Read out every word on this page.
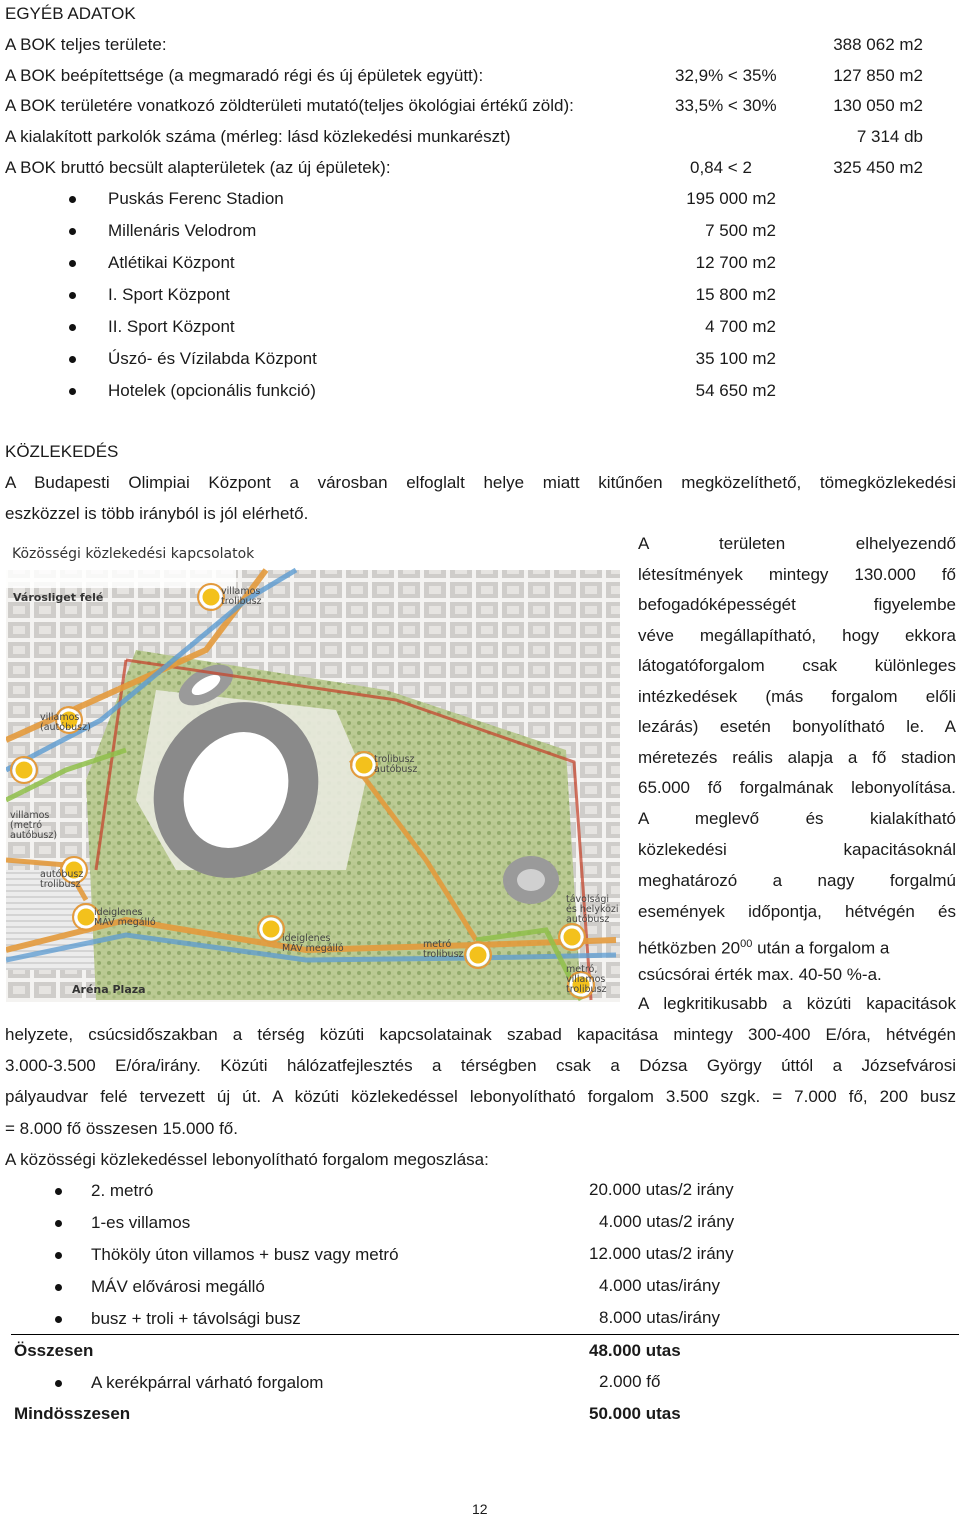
EGYÉB ADATOK
A BOK teljes területe:	388 062 m2
A BOK beépítettsége (a megmaradó régi és új épületek együtt):	32,9% < 35%	127 850 m2
A BOK területére vonatkozó zöldterületi mutató(teljes ökológiai értékű zöld):	33,5% < 30%	130 050 m2
A kialakított parkolók száma (mérleg: lásd közlekedési munkarészt)	7 314 db
A BOK bruttó becsült alapterületek (az új épületek):	0,84 < 2	325 450 m2
Puskás Ferenc Stadion	195 000 m2
Millenáris Velodrom	7 500 m2
Atlétikai Központ	12 700 m2
I. Sport Központ	15 800 m2
II. Sport Központ	4 700 m2
Úszó- és Vízilabda Központ	35 100 m2
Hotelek (opcionális funkció)	54 650 m2
KÖZLEKEDÉS
A Budapesti Olimpiai Központ a városban elfoglalt helye miatt kitűnően megközelíthető, tömegközlekedési
eszközzel is több irányból is jól elérhető.
Közösségi közlekedési kapcsolatok
Városliget felé	villamos
trolibusz
villamos
(autóbusz)
trolibusz
autóbusz
villamos
(metró
autóbusz)
autóbusz
trolibusz
ideiglenes
MÁV megálló
ideiglenes
MÁV megálló	metró
trolibusz
távolsági
és helyközi
autóbusz
metró,
villamos
trolibusz
Aréna Plaza
A területen elhelyezendő
létesítmények mintegy 130.000 fő
befogadóképességét figyelembe
véve megállapítható, hogy ekkora
látogatóforgalom csak különleges
intézkedések (más forgalom előli
lezárás) esetén bonyolítható le. A
méretezés reális alapja a fő stadion
65.000 fő forgalmának lebonyolítása.
A meglevő és kialakítható
közlekedési kapacitásoknál
meghatározó a nagy forgalmú
események időpontja, hétvégén és
hétközben $20^{00}$ után a forgalom a
csúcsórai érték max. 40-50 %-a.
A legkritikusabb a közúti kapacitások
helyzete, csúcsidőszakban a térség közúti kapcsolatainak szabad kapacitása mintegy 300-400 E/óra, hétvégén
3.000-3.500 E/óra/irány. Közúti hálózatfejlesztés a térségben csak a Dózsa György úttól a Józsefvárosi
pályaudvar felé tervezett új út. A közúti közlekedéssel lebonyolítható forgalom 3.500 szgk. = 7.000 fő, 200 busz
= 8.000 fő összesen 15.000 fő.
A közösségi közlekedéssel lebonyolítható forgalom megoszlása:
2. metró	20.000 utas/2 irány
1-es villamos	4.000 utas/2 irány
Thököly úton villamos + busz vagy metró	12.000 utas/2 irány
MÁV elővárosi megálló	4.000 utas/irány
busz + troli + távolsági busz	8.000 utas/irány
Összesen	48.000 utas
A kerékpárral várható forgalom	2.000 fő
Mindösszesen	50.000 utas
12
